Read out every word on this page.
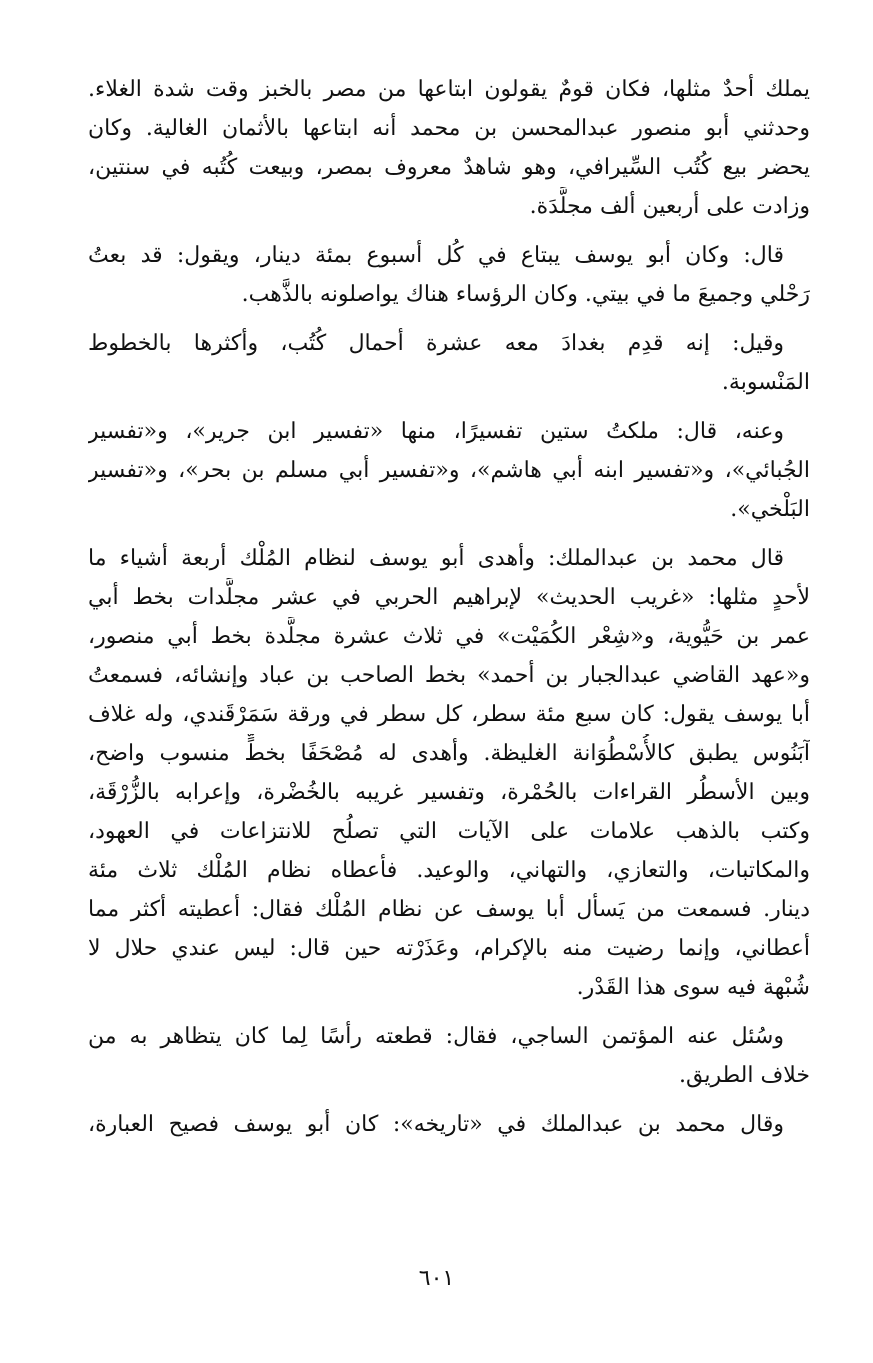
يملك أحدٌ مثلها، فكان قومٌ يقولون ابتاعها من مصر بالخبز وقت شدة الغلاء.
وحدثني أبو منصور عبدالمحسن بن محمد أنه ابتاعها بالأثمان الغالية. وكان
يحضر بيع كُتُب السِّيرافي، وهو شاهدٌ معروف بمصر، وبيعت كُتُبه في سنتين،
وزادت على أربعين ألف مجلَّدَة.
قال: وكان أبو يوسف يبتاع في كُل أسبوع بمئة دينار، ويقول: قد بعتُ
رَحْلي وجميعَ ما في بيتي. وكان الرؤساء هناك يواصلونه بالذَّهب.
وقيل: إنه قدِم بغدادَ معه عشرة أحمال كُتُب، وأكثرها بالخطوط
المَنْسوبة.
وعنه، قال: ملكتُ ستين تفسيرًا، منها «تفسير ابن جرير»، و«تفسير
الجُبائي»، و«تفسير ابنه أبي هاشم»، و«تفسير أبي مسلم بن بحر»، و«تفسير
البَلْخي».
قال محمد بن عبدالملك: وأهدى أبو يوسف لنظام المُلْك أربعة أشياء ما
لأحدٍ مثلها: «غريب الحديث» لإبراهيم الحربي في عشر مجلَّدات بخط أبي
عمر بن حَيُّوية، و«شِعْر الكُمَيْت» في ثلاث عشرة مجلَّدة بخط أبي منصور،
و«عهد القاضي عبدالجبار بن أحمد» بخط الصاحب بن عباد وإنشائه، فسمعتُ
أبا يوسف يقول: كان سبع مئة سطر، كل سطر في ورقة سَمَرْقَندي، وله غلاف
آبَنُوس يطبق كالأُسْطُوَانة الغليظة. وأهدى له مُصْحَفًا بخطٍّ منسوب واضح،
وبين الأسطُر القراءات بالحُمْرة، وتفسير غريبه بالخُضْرة، وإعرابه بالزُّرْقَة،
وكتب بالذهب علامات على الآيات التي تصلُح للانتزاعات في العهود،
والمكاتبات، والتعازي، والتهاني، والوعيد. فأعطاه نظام المُلْك ثلاث مئة
دينار. فسمعت من يَسأل أبا يوسف عن نظام المُلْك فقال: أعطيته أكثر مما
أعطاني، وإنما رضيت منه بالإكرام، وعَذَرْته حين قال: ليس عندي حلال لا
شُبْهة فيه سوى هذا القَدْر.
وسُئل عنه المؤتمن الساجي، فقال: قطعته رأسًا لِما كان يتظاهر به من
خلاف الطريق.
وقال محمد بن عبدالملك في «تاريخه»: كان أبو يوسف فصيح العبارة،
٦٠١
